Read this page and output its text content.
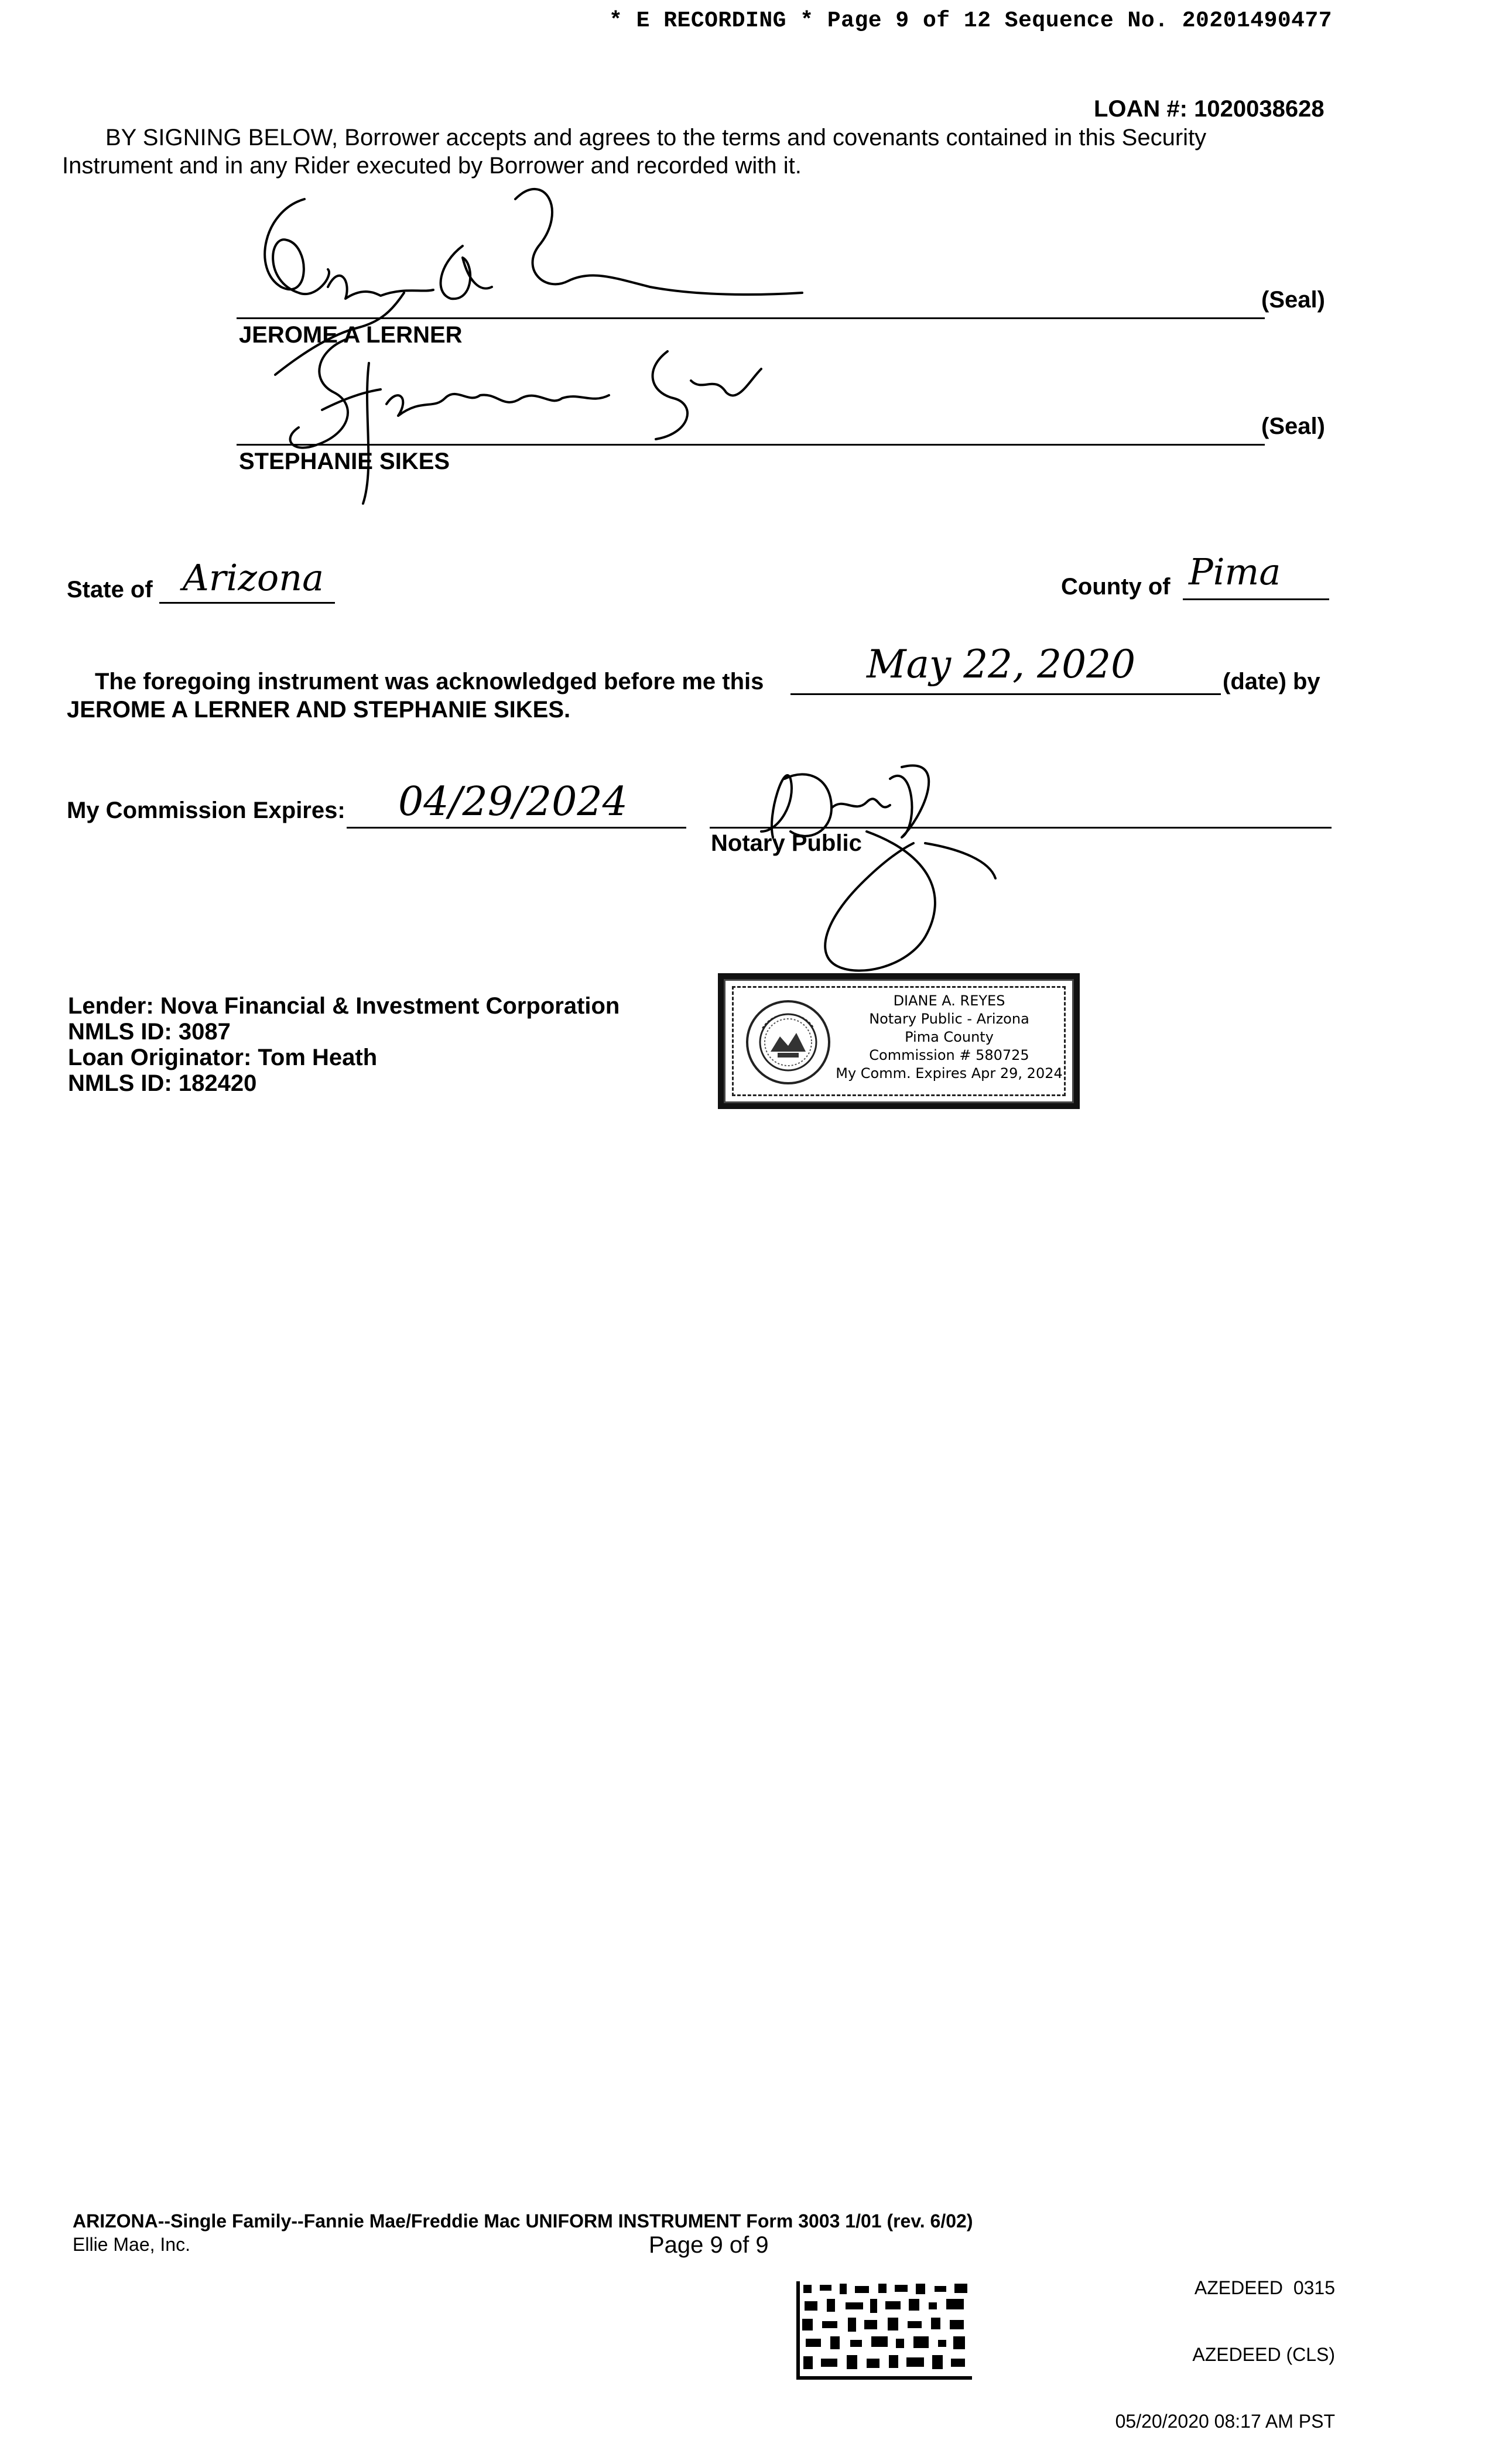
* E RECORDING * Page 9 of 12 Sequence No. 20201490477
LOAN #: 1020038628
BY SIGNING BELOW, Borrower accepts and agrees to the terms and covenants contained in this Security
Instrument and in any Rider executed by Borrower and recorded with it.
(Seal)
JEROME A LERNER
(Seal)
STEPHANIE SIKES
State of Arizona	County of Pima
The foregoing instrument was acknowledged before me this	May 22, 2020	(date) by
JEROME A LERNER AND STEPHANIE SIKES.
My Commission Expires: 04/29/2024
Notary Public
Lender: Nova Financial & Investment Corporation
NMLS ID: 3087
Loan Originator: Tom Heath
NMLS ID: 182420
DIANE A. REYES
Notary Public - Arizona
Pima County
Commission # 580725
My Comm. Expires Apr 29, 2024
ARIZONA--Single Family--Fannie Mae/Freddie Mac UNIFORM INSTRUMENT Form 3003 1/01 (rev. 6/02)
Ellie Mae, Inc.	Page 9 of 9

AZEDEED  0315

AZEDEED (CLS)

05/20/2020 08:17 AM PST
